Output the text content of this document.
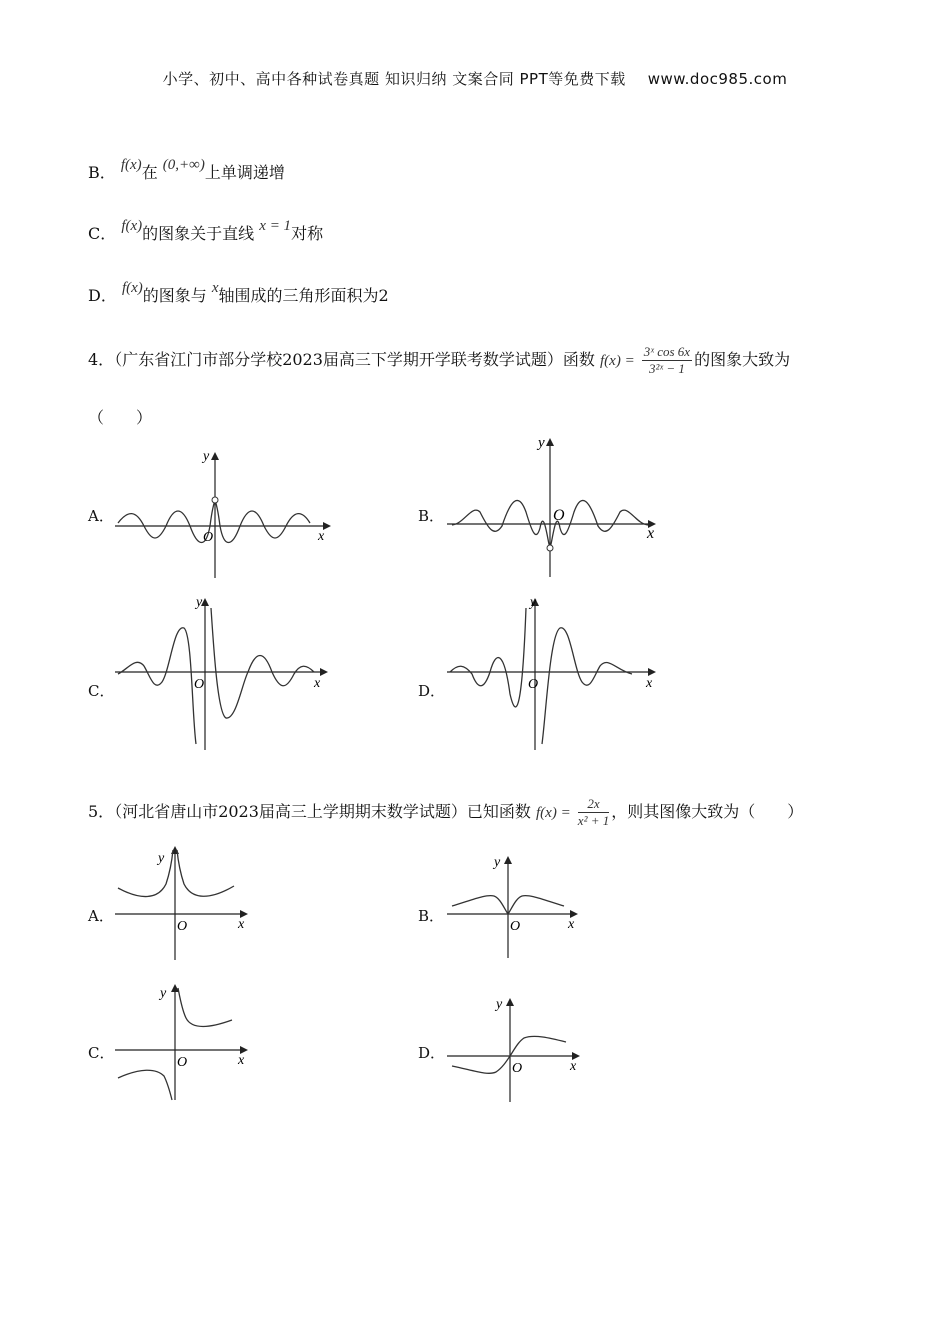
小学、初中、高中各种试卷真题 知识归纳 文案合同 PPT等免费下载 www.doc985.com
B． f(x)在 (0,+∞)上单调递增
C． f(x)的图象关于直线 x = 1对称
D． f(x)的图象与 x轴围成的三角形面积为2
4．（广东省江门市部分学校2023届高三下学期开学联考数学试题）函数 $f(x) = \frac{\text{3ˣ cos 6x}}{\text{3²ˣ − 1}}$ 的图象大致为
（　　）
A．	B．
C．	D．
y
O	x
y
O
x
y
O	x
y
O	x
5．（河北省唐山市2023届高三上学期期末数学试题）已知函数 $f(x) = \frac{2x}{\text{x² + 1}}$ ，则其图像大致为（　　）
A．	B．
C．	D．
y
O	x
y
O	x
y
O	x
y
O	x
